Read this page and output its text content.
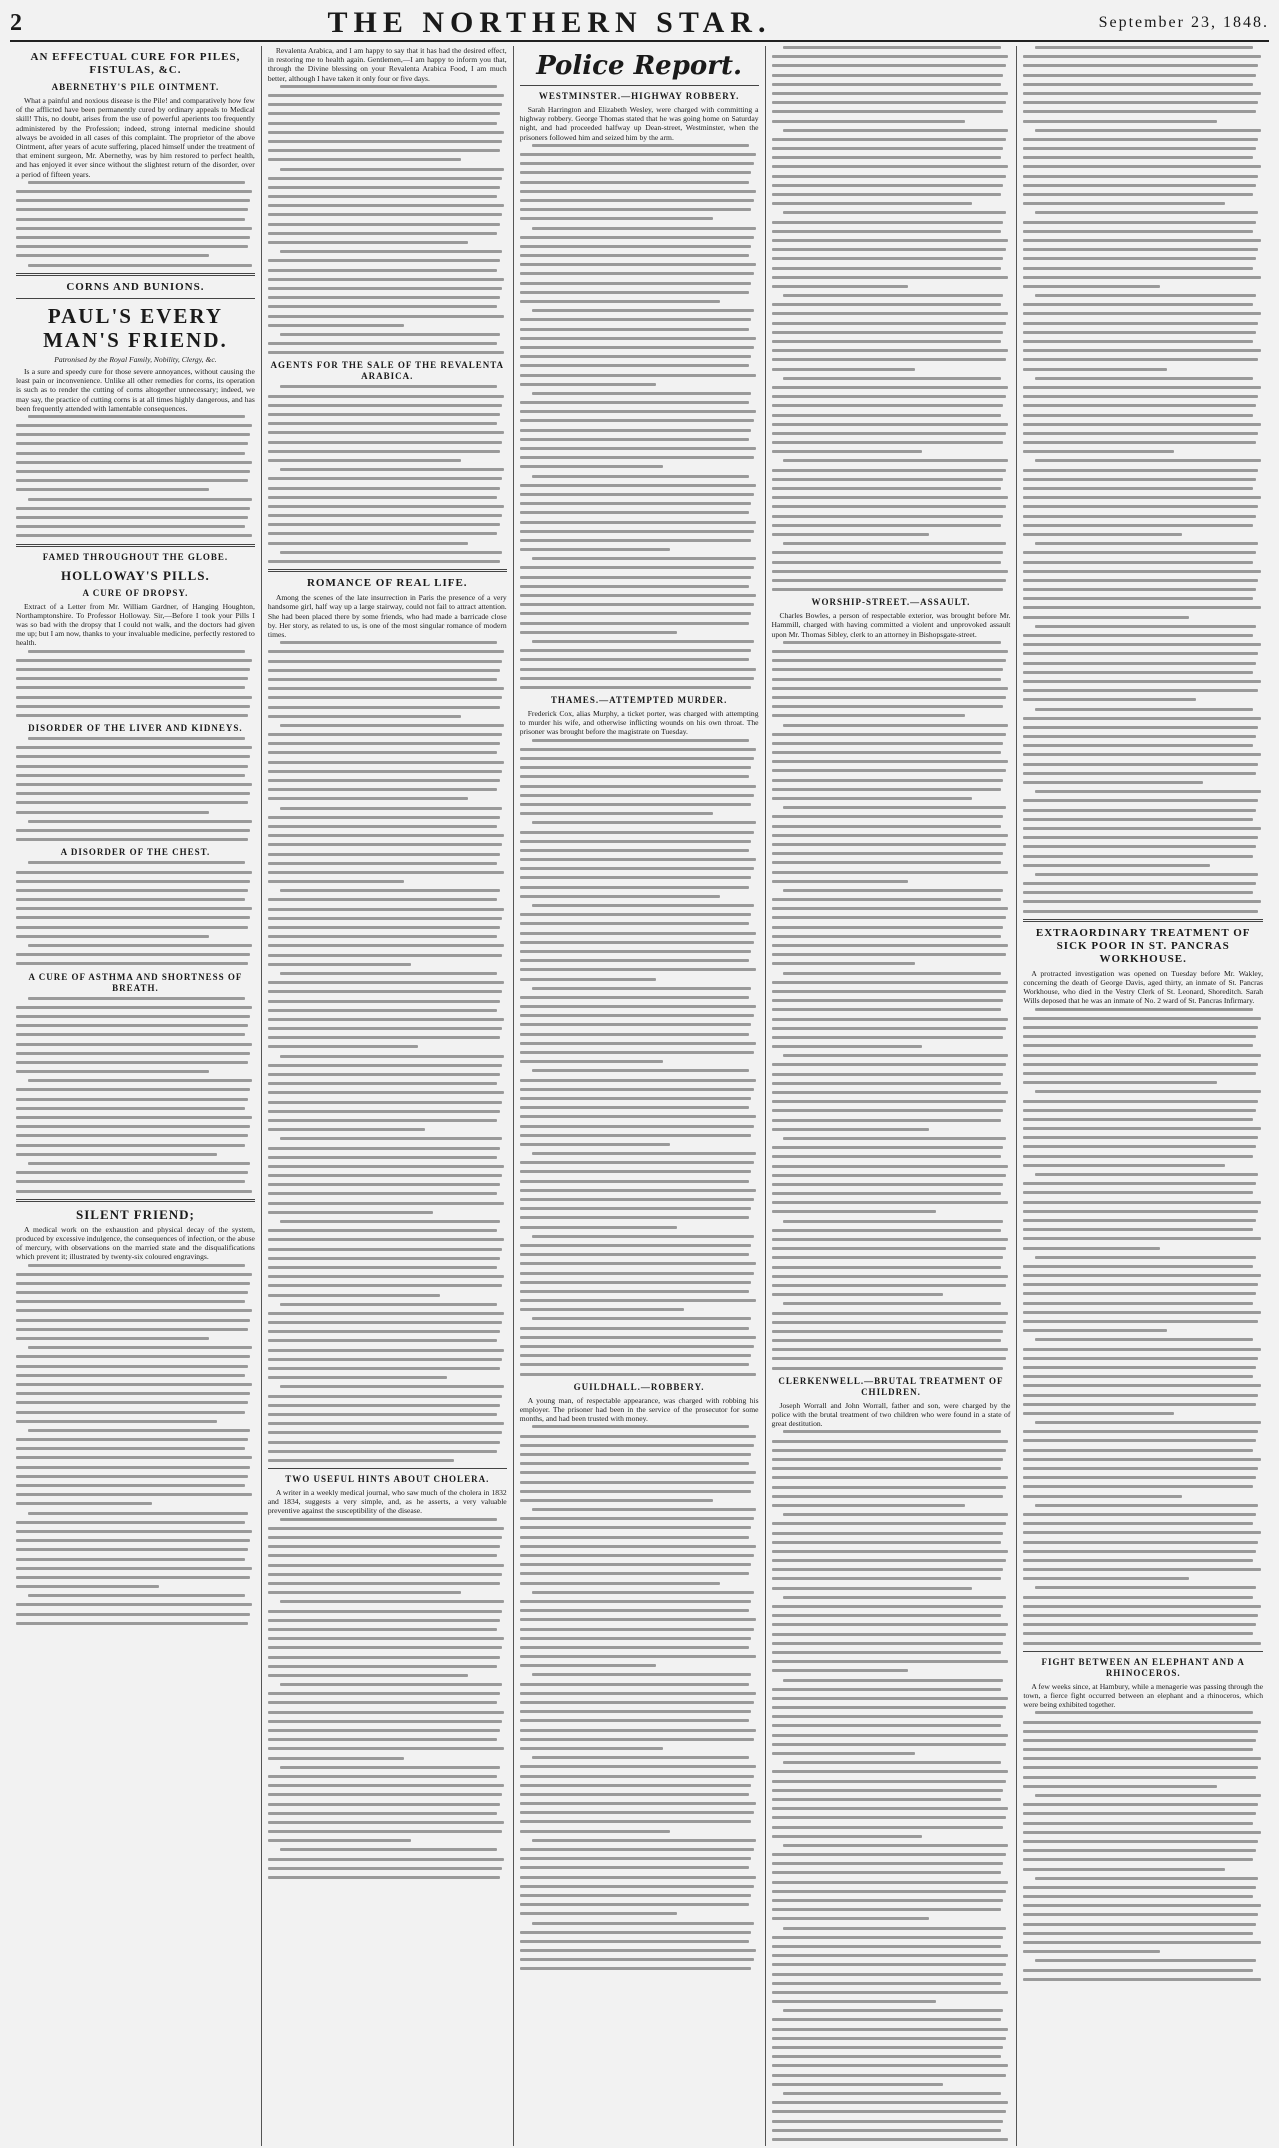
2	THE NORTHERN STAR.	September 23, 1848.
AN EFFECTUAL CURE FOR PILES, FISTULAS, &C.
ABERNETHY'S PILE OINTMENT.

What a painful and noxious disease is the Pile! and comparatively how few of the afflicted have been permanently cured by ordinary appeals to Medical skill! This, no doubt, arises from the use of powerful aperients too frequently administered by the Profession; indeed, strong internal medicine should always be avoided in all cases of this complaint. The proprietor of the above Ointment, after years of acute suffering, placed himself under the treatment of that eminent surgeon, Mr. Abernethy, was by him restored to perfect health, and has enjoyed it ever since without the slightest return of the disorder, over a period of fifteen years.

CORNS AND BUNIONS.
PAUL'S EVERY MAN'S FRIEND.
Patronised by the Royal Family, Nobility, Clergy, &c.

Is a sure and speedy cure for those severe annoyances, without causing the least pain or inconvenience. Unlike all other remedies for corns, its operation is such as to render the cutting of corns altogether unnecessary; indeed, we may say, the practice of cutting corns is at all times highly dangerous, and has been frequently attended with lamentable consequences.

FAMED THROUGHOUT THE GLOBE.
HOLLOWAY'S PILLS.
A CURE OF DROPSY.

Extract of a Letter from Mr. William Gardner, of Hanging Houghton, Northamptonshire. To Professor Holloway. Sir,—Before I took your Pills I was so bad with the dropsy that I could not walk, and the doctors had given me up; but I am now, thanks to your invaluable medicine, perfectly restored to health.

DISORDER OF THE LIVER AND KIDNEYS.

A DISORDER OF THE CHEST.

A CURE OF ASTHMA AND SHORTNESS OF BREATH.

SILENT FRIEND;

A medical work on the exhaustion and physical decay of the system, produced by excessive indulgence, the consequences of infection, or the abuse of mercury, with observations on the married state and the disqualifications which prevent it; illustrated by twenty-six coloured engravings.

Revalenta Arabica, and I am happy to say that it has had the desired effect, in restoring me to health again. Gentlemen,—I am happy to inform you that, through the Divine blessing on your Revalenta Arabica Food, I am much better, although I have taken it only four or five days.

AGENTS FOR THE SALE OF THE REVALENTA ARABICA.

ROMANCE OF REAL LIFE.

Among the scenes of the late insurrection in Paris the presence of a very handsome girl, half way up a large stairway, could not fail to attract attention. She had been placed there by some friends, who had made a barricade close by. Her story, as related to us, is one of the most singular romance of modern times.

TWO USEFUL HINTS ABOUT CHOLERA.

A writer in a weekly medical journal, who saw much of the cholera in 1832 and 1834, suggests a very simple, and, as he asserts, a very valuable preventive against the susceptibility of the disease.

Police Report.
WESTMINSTER.—HIGHWAY ROBBERY.

Sarah Harrington and Elizabeth Wesley, were charged with committing a highway robbery. George Thomas stated that he was going home on Saturday night, and had proceeded halfway up Dean-street, Westminster, when the prisoners followed him and seized him by the arm.

THAMES.—ATTEMPTED MURDER.

Frederick Cox, alias Murphy, a ticket porter, was charged with attempting to murder his wife, and otherwise inflicting wounds on his own throat. The prisoner was brought before the magistrate on Tuesday.

GUILDHALL.—ROBBERY.

A young man, of respectable appearance, was charged with robbing his employer. The prisoner had been in the service of the prosecutor for some months, and had been trusted with money.

WORSHIP-STREET.—ASSAULT.

Charles Bowles, a person of respectable exterior, was brought before Mr. Hammill, charged with having committed a violent and unprovoked assault upon Mr. Thomas Sibley, clerk to an attorney in Bishopsgate-street.

CLERKENWELL.—BRUTAL TREATMENT OF CHILDREN.

Joseph Worrall and John Worrall, father and son, were charged by the police with the brutal treatment of two children who were found in a state of great destitution.

EXTRAORDINARY TREATMENT OF SICK POOR IN ST. PANCRAS WORKHOUSE.

A protracted investigation was opened on Tuesday before Mr. Wakley, concerning the death of George Davis, aged thirty, an inmate of St. Pancras Workhouse, who died in the Vestry Clerk of St. Leonard, Shoreditch. Sarah Wills deposed that he was an inmate of No. 2 ward of St. Pancras Infirmary.

FIGHT BETWEEN AN ELEPHANT AND A RHINOCEROS.

A few weeks since, at Hambury, while a menagerie was passing through the town, a fierce fight occurred between an elephant and a rhinoceros, which were being exhibited together.
